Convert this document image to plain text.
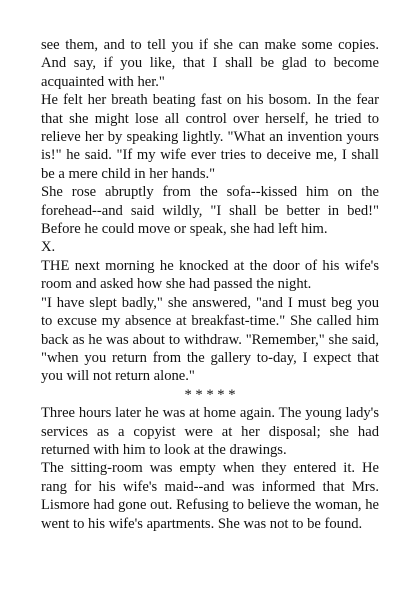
see them, and to tell you if she can make some copies. And say, if you like, that I shall be glad to become acquainted with her."

He felt her breath beating fast on his bosom. In the fear that she might lose all control over herself, he tried to relieve her by speaking lightly. "What an invention yours is!" he said. "If my wife ever tries to deceive me, I shall be a mere child in her hands."

She rose abruptly from the sofa--kissed him on the forehead--and said wildly, "I shall be better in bed!" Before he could move or speak, she had left him.

X.

THE next morning he knocked at the door of his wife's room and asked how she had passed the night.

"I have slept badly," she answered, "and I must beg you to excuse my absence at breakfast-time." She called him back as he was about to withdraw. "Remember," she said, "when you return from the gallery to-day, I expect that you will not return alone."

* * * * *

Three hours later he was at home again. The young lady's services as a copyist were at her disposal; she had returned with him to look at the drawings.

The sitting-room was empty when they entered it. He rang for his wife's maid--and was informed that Mrs. Lismore had gone out. Refusing to believe the woman, he went to his wife's apartments. She was not to be found.
